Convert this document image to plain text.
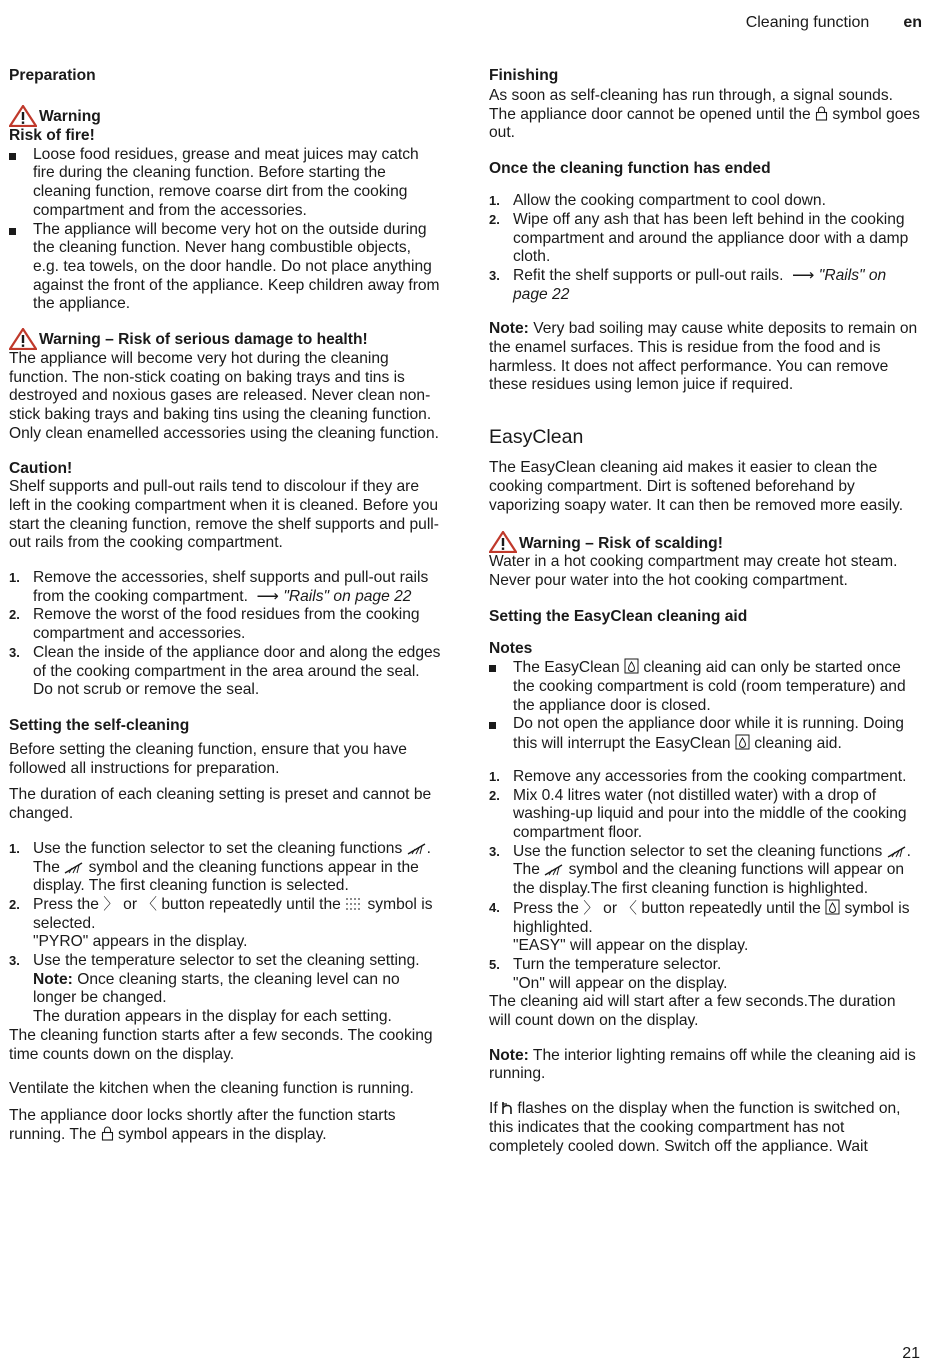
Cleaning function en
Preparation
Warning
Risk of fire!
Loose food residues, grease and meat juices may catch fire during the cleaning function. Before starting the cleaning function, remove coarse dirt from the cooking compartment and from the accessories.
The appliance will become very hot on the outside during the cleaning function. Never hang combustible objects, e.g. tea towels, on the door handle. Do not place anything against the front of the appliance. Keep children away from the appliance.
Warning – Risk of serious damage to health!

The appliance will become very hot during the cleaning function. The non-stick coating on baking trays and tins is destroyed and noxious gases are released. Never clean non-stick baking trays and baking tins using the cleaning function. Only clean enamelled accessories using the cleaning function.

Caution!

Shelf supports and pull-out rails tend to discolour if they are left in the cooking compartment when it is cleaned. Before you start the cleaning function, remove the shelf supports and pull-out rails from the cooking compartment.

1. Remove the accessories, shelf supports and pull-out rails from the cooking compartment.  ⟶ "Rails" on page 22
2. Remove the worst of the food residues from the cooking compartment and accessories.
3. Clean the inside of the appliance door and along the edges of the cooking compartment in the area around the seal. Do not scrub or remove the seal.
Setting the self-cleaning

Before setting the cleaning function, ensure that you have followed all instructions for preparation.

The duration of each cleaning setting is preset and cannot be changed.

1. Use the function selector to set the cleaning functions .
The symbol and the cleaning functions appear in the display. The first cleaning function is selected.
2. Press the 〉 or 〈 button repeatedly until the symbol is selected.
"PYRO" appears in the display.
3. Use the temperature selector to set the cleaning setting.
Note: Once cleaning starts, the cleaning level can no longer be changed.
The duration appears in the display for each setting.

The cleaning function starts after a few seconds. The cooking time counts down on the display.

Ventilate the kitchen when the cleaning function is running.

The appliance door locks shortly after the function starts running. The symbol appears in the display.

Finishing

As soon as self-cleaning has run through, a signal sounds. The appliance door cannot be opened until the symbol goes out.

Once the cleaning function has ended
1. Allow the cooking compartment to cool down.
2. Wipe off any ash that has been left behind in the cooking compartment and around the appliance door with a damp cloth.
3. Refit the shelf supports or pull-out rails.  ⟶ "Rails" on page 22

Note: Very bad soiling may cause white deposits to remain on the enamel surfaces. This is residue from the food and is harmless. It does not affect performance. You can remove these residues using lemon juice if required.

EasyClean

The EasyClean cleaning aid makes it easier to clean the cooking compartment. Dirt is softened beforehand by vaporizing soapy water. It can then be removed more easily.

Warning – Risk of scalding!

Water in a hot cooking compartment may create hot steam. Never pour water into the hot cooking compartment.

Setting the EasyClean cleaning aid
Notes
The EasyClean cleaning aid can only be started once the cooking compartment is cold (room temperature) and the appliance door is closed.
Do not open the appliance door while it is running. Doing this will interrupt the EasyClean cleaning aid.
1. Remove any accessories from the cooking compartment.
2. Mix 0.4 litres water (not distilled water) with a drop of washing-up liquid and pour into the middle of the cooking compartment floor.
3. Use the function selector to set the cleaning functions .
The symbol and the cleaning functions will appear on the display.The first cleaning function is highlighted.
4. Press the 〉 or 〈 button repeatedly until the symbol is highlighted.
"EASY" will appear on the display.
5. Turn the temperature selector.
"On" will appear on the display.

The cleaning aid will start after a few seconds.The duration will count down on the display.

Note: The interior lighting remains off while the cleaning aid is running.

If flashes on the display when the function is switched on, this indicates that the cooking compartment has not completely cooled down. Switch off the appliance. Wait

21
